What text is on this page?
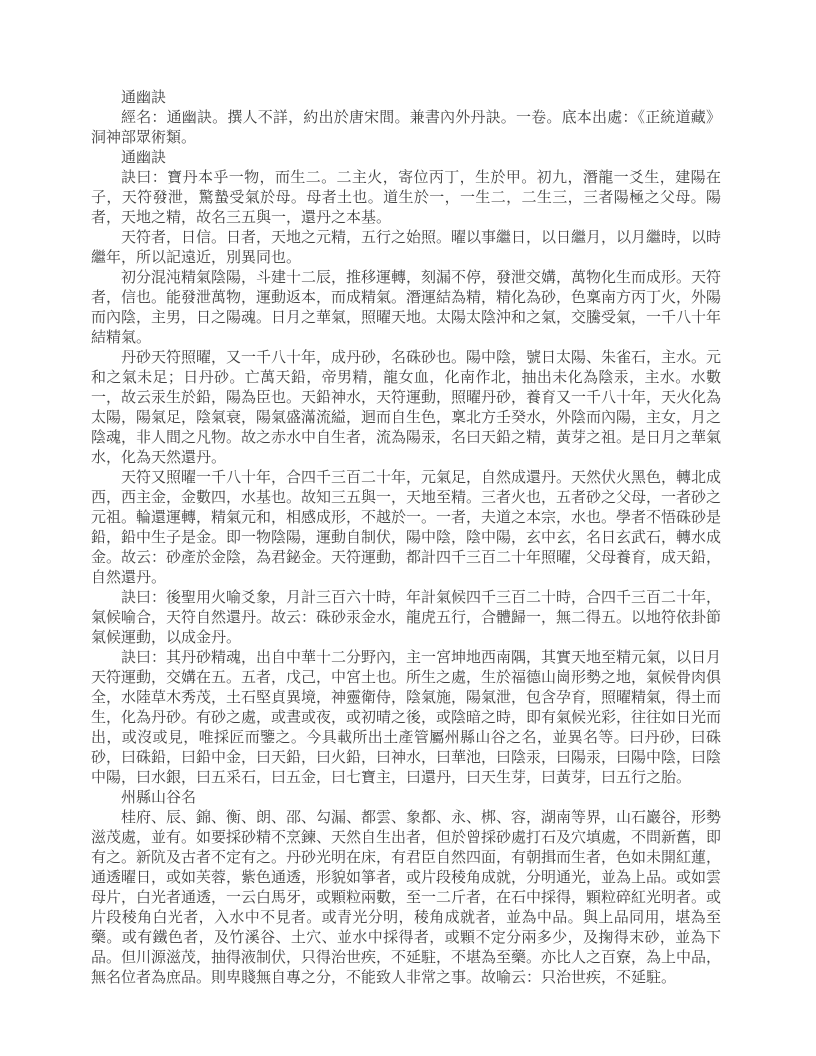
通幽訣

經名：通幽訣。撰人不詳，約出於唐宋間。兼書內外丹訣。一卷。底本出處：《正統道藏》洞神部眾術類。

通幽訣

訣曰：寶丹本乎一物，而生二。二主火，寄位丙丁，生於甲。初九，潛龍一爻生，建陽在子，天符發泄，驚蟄受氣於母。母者土也。道生於一，一生二，二生三，三者陽極之父母。陽者，天地之精，故名三五與一，還丹之本基。

天符者，日信。日者，天地之元精，五行之始照。曜以事繼日，以日繼月，以月繼時，以時繼年，所以記遠近，別異同也。

初分混沌精氣陰陽，斗建十二辰，推移運轉，刻漏不停，發泄交媾，萬物化生而成形。天符者，信也。能發泄萬物，運動返本，而成精氣。潛運結為精，精化為砂，色稟南方丙丁火，外陽而內陰，主男，日之陽魂。日月之華氣，照曜天地。太陽太陰沖和之氣，交騰受氣，一千八十年結精氣。

丹砂天符照曜，又一千八十年，成丹砂，名硃砂也。陽中陰，號日太陽、朱雀石，主水。元和之氣未足；日丹砂。亡萬天鉛，帝男精，龍女血，化南作北，抽出未化為陰汞，主水。水數一，故云汞生於鉛，陽為臣也。天鉛神水，天符運動，照曜丹砂，養育又一千八十年，天火化為太陽，陽氣足，陰氣衰，陽氣盛滿流縊，迴而自生色，稟北方壬癸水，外陰而內陽，主女，月之陰魂，非人間之凡物。故之赤水中自生者，流為陽汞，名曰天鉛之精，黃芽之祖。是日月之華氣水，化為天然還丹。

天符又照曜一千八十年，合四千三百二十年，元氣足，自然成還丹。天然伏火黑色，轉北成西，西主金，金數四，水基也。故知三五與一，天地至精。三者火也，五者砂之父母，一者砂之元祖。輪還運轉，精氣元和，相感成形，不越於一。一者，夫道之本宗，水也。學者不悟硃砂是鉛，鉛中生子是金。即一物陰陽，運動自制伏，陽中陰，陰中陽，玄中玄，名日玄武石，轉水成金。故云：砂產於金陰，為君鉍金。天符運動，都計四千三百二十年照曜，父母養育，成天鉛，自然還丹。

訣曰：後聖用火喻爻象，月計三百六十時，年計氣候四千三百二十時，合四千三百二十年，氣候喻合，天符自然還丹。故云：硃砂汞金水，龍虎五行，合體歸一，無二得五。以地符依卦節氣候運動，以成金丹。

訣曰：其丹砂精魂，出自中華十二分野內，主一宮坤地西南隅，其實天地至精元氣，以日月天符運動，交媾在五。五者，戊己，中宮土也。所生之處，生於福德山崗形勢之地，氣候骨肉俱全，水陸草木秀茂，土石堅貞異境，神靈衛侍，陰氣施，陽氣泄，包含孕育，照曜精氣，得土而生，化為丹砂。有砂之處，或晝或夜，或初晴之後，或陰暗之時，即有氣候光彩，往往如日光而出，或沒或見，唯採匠而鑒之。今具載所出土產管屬州縣山谷之名，並異名等。曰丹砂，曰硃砂，曰硃鉛，曰鉛中金，曰天鉛，曰火鉛，曰神水，曰華池，曰陰汞，曰陽汞，曰陽中陰，曰陰中陽，曰水銀，曰五采石，曰五金，曰七寶主，曰還丹，曰天生芽，曰黃芽，曰五行之胎。

州縣山谷名

桂府、辰、錦、衡、朗、邵、勾漏、都雲、象都、永、梆、容，湖南等界，山石巖谷，形勢滋茂處，並有。如要採砂精不烹鍊、天然自生出者，但於曾採砂處打石及穴填處，不問新舊，即有之。新阬及古者不定有之。丹砂光明在床，有君臣自然四面，有朝揖而生者，色如未開紅蓮，通透曜日，或如芙蓉，紫色通透，形貌如箏者，或片段稜角成就，分明通光，並為上品。或如雲母片，白光者通透，一云白馬牙，或顆粒兩數，至一二斤者，在石中採得，顆粒碎紅光明者。或片段稜角白光者，入水中不見者。或青光分明，稜角成就者，並為中品。與上品同用，堪為至藥。或有鐵色者，及竹溪谷、土穴、並水中採得者，或顆不定分兩多少，及掬得末砂，並為下品。但川源滋茂，抽得液制伏，只得治世疾，不延駐，不堪為至藥。亦比人之百寮，為上中品，無名位者為庶品。則卑賤無自專之分，不能致人非常之事。故喻云：只治世疾，不延駐。
